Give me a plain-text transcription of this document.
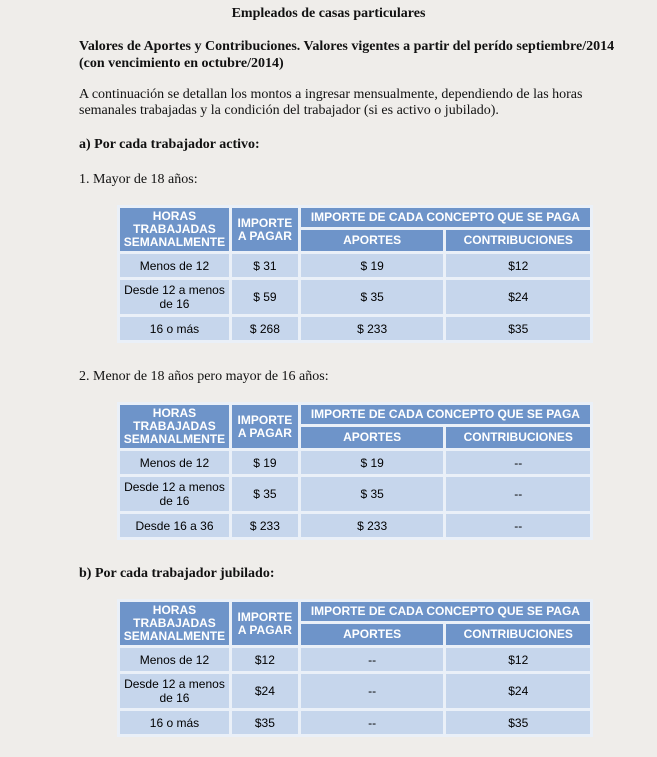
Empleados de casas particulares
Valores de Aportes y Contribuciones. Valores vigentes a partir del perído septiembre/2014 (con vencimiento en octubre/2014)
A continuación se detallan los montos a ingresar mensualmente, dependiendo de las horas semanales trabajadas y la condición del trabajador (si es activo o jubilado).
a) Por cada trabajador activo:
1. Mayor de 18 años:
HORAS TRABAJADAS SEMANALMENTE	IMPORTE A PAGAR	IMPORTE DE CADA CONCEPTO QUE SE PAGA	
		APORTES	CONTRIBUCIONES
Menos de 12	$ 31	$ 19	$12
Desde 12 a menos de 16	$ 59	$ 35	$24
16 o más	$ 268	$ 233	$35
2. Menor de 18 años pero mayor de 16 años:
HORAS TRABAJADAS SEMANALMENTE	IMPORTE A PAGAR	IMPORTE DE CADA CONCEPTO QUE SE PAGA	
		APORTES	CONTRIBUCIONES
Menos de 12	$ 19	$ 19	--
Desde 12 a menos de 16	$ 35	$ 35	--
Desde 16 a 36	$ 233	$ 233	--
b) Por cada trabajador jubilado:
HORAS TRABAJADAS SEMANALMENTE	IMPORTE A PAGAR	IMPORTE DE CADA CONCEPTO QUE SE PAGA	
		APORTES	CONTRIBUCIONES
Menos de 12	$12	--	$12
Desde 12 a menos de 16	$24	--	$24
16 o más	$35	--	$35
